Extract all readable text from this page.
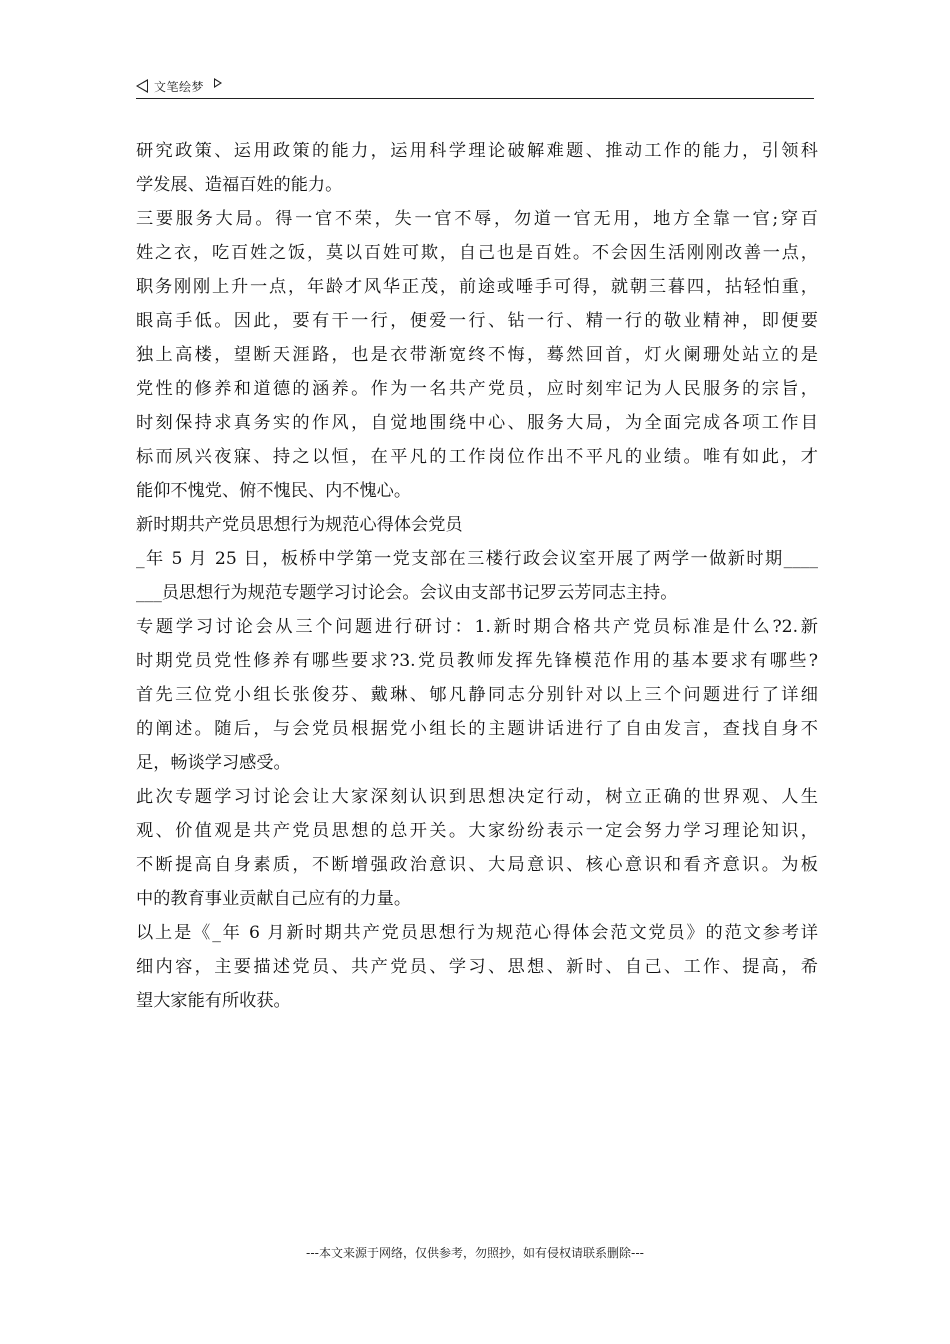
文笔绘梦
研究政策、运用政策的能力，运用科学理论破解难题、推动工作的能力，引领科
学发展、造福百姓的能力。
三要服务大局。得一官不荣，失一官不辱，勿道一官无用，地方全靠一官;穿百
姓之衣，吃百姓之饭，莫以百姓可欺，自己也是百姓。不会因生活刚刚改善一点，
职务刚刚上升一点，年龄才风华正茂，前途或唾手可得，就朝三暮四，拈轻怕重，
眼高手低。因此，要有干一行，便爱一行、钻一行、精一行的敬业精神，即便要
独上高楼，望断天涯路，也是衣带渐宽终不悔，蓦然回首，灯火阑珊处站立的是
党性的修养和道德的涵养。作为一名共产党员，应时刻牢记为人民服务的宗旨，
时刻保持求真务实的作风，自觉地围绕中心、服务大局，为全面完成各项工作目
标而夙兴夜寐、持之以恒，在平凡的工作岗位作出不平凡的业绩。唯有如此，才
能仰不愧党、俯不愧民、内不愧心。
新时期共产党员思想行为规范心得体会党员
_年 5 月 25 日，板桥中学第一党支部在三楼行政会议室开展了两学一做新时期____
___员思想行为规范专题学习讨论会。会议由支部书记罗云芳同志主持。
专题学习讨论会从三个问题进行研讨：1.新时期合格共产党员标准是什么?2.新
时期党员党性修养有哪些要求?3.党员教师发挥先锋模范作用的基本要求有哪些?
首先三位党小组长张俊芬、戴琳、郇凡静同志分别针对以上三个问题进行了详细
的阐述。随后，与会党员根据党小组长的主题讲话进行了自由发言，查找自身不
足，畅谈学习感受。
此次专题学习讨论会让大家深刻认识到思想决定行动，树立正确的世界观、人生
观、价值观是共产党员思想的总开关。大家纷纷表示一定会努力学习理论知识，
不断提高自身素质，不断增强政治意识、大局意识、核心意识和看齐意识。为板
中的教育事业贡献自己应有的力量。
以上是《_年 6 月新时期共产党员思想行为规范心得体会范文党员》的范文参考详
细内容，主要描述党员、共产党员、学习、思想、新时、自己、工作、提高，希
望大家能有所收获。
---本文来源于网络，仅供参考，勿照抄，如有侵权请联系删除---
